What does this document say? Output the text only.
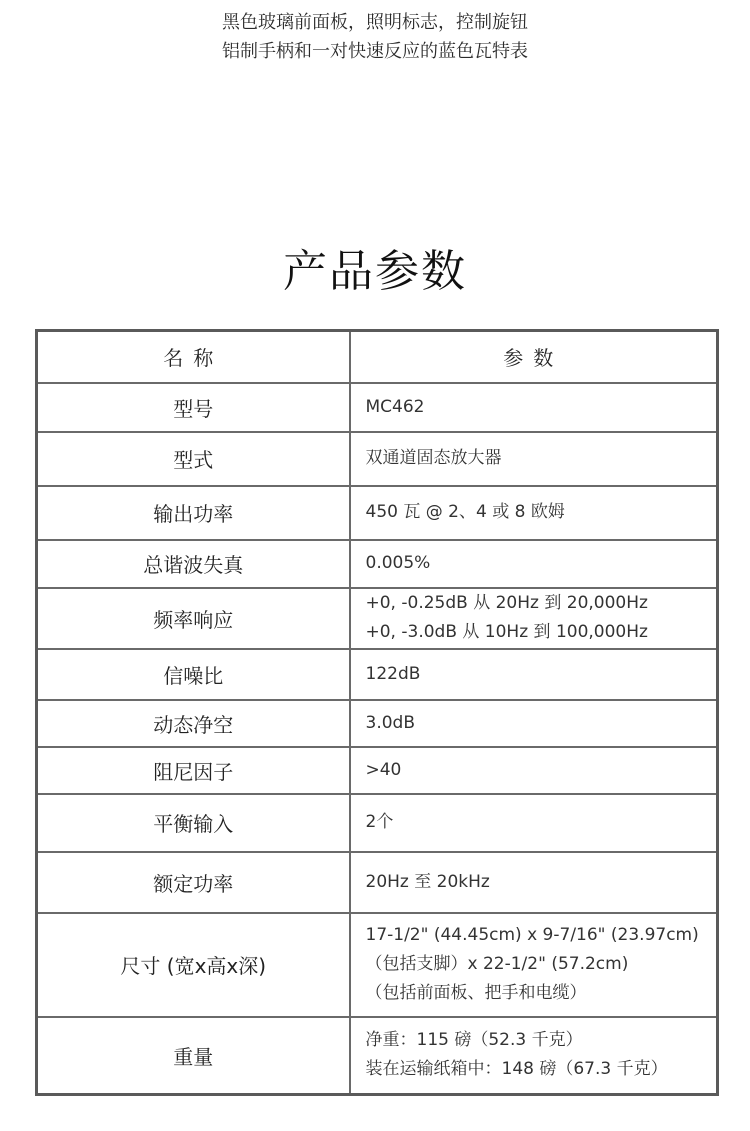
黑色玻璃前面板，照明标志，控制旋钮
铝制手柄和一对快速反应的蓝色瓦特表
产品参数
名称	参数
型号	MC462

型式	双通道固态放大器

输出功率	450 瓦 @ 2、4 或 8 欧姆

总谐波失真	0.005%

频率响应	+0, -0.25dB 从 20Hz 到 20,000Hz
+0, -3.0dB 从 10Hz 到 100,000Hz

信噪比	122dB

动态净空	3.0dB

阻尼因子	>40

平衡输入	2个

额定功率	20Hz 至 20kHz

尺寸 (宽x高x深)	17-1/2" (44.45cm) x 9-7/16" (23.97cm)
（包括支脚）x 22-1/2" (57.2cm)
（包括前面板、把手和电缆）

重量	净重：115 磅（52.3 千克）
装在运输纸箱中：148 磅（67.3 千克）
